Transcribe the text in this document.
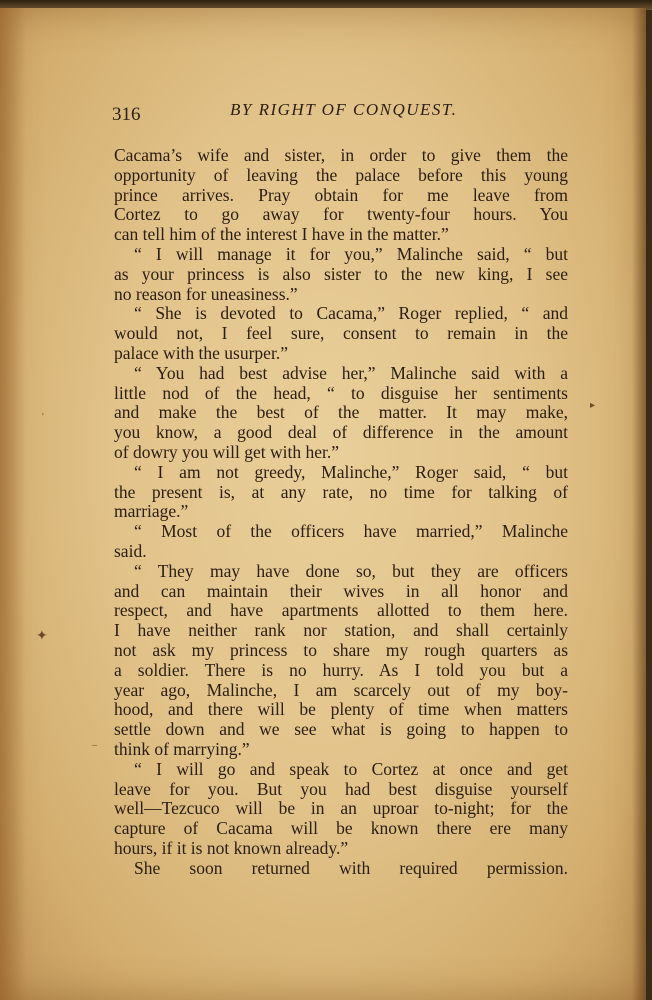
✦
'
–
▸
316	BY RIGHT OF CONQUEST.
Cacama’s wife and sister, in order to give them the
opportunity of leaving the palace before this young
prince arrives. Pray obtain for me leave from
Cortez to go away for twenty-four hours. You
can tell him of the interest I have in the matter.”
“ I will manage it for you,” Malinche said, “ but
as your princess is also sister to the new king, I see
no reason for uneasiness.”
“ She is devoted to Cacama,” Roger replied, “ and
would not, I feel sure, consent to remain in the
palace with the usurper.”
“ You had best advise her,” Malinche said with a
little nod of the head, “ to disguise her sentiments
and make the best of the matter. It may make,
you know, a good deal of difference in the amount
of dowry you will get with her.”
“ I am not greedy, Malinche,” Roger said, “ but
the present is, at any rate, no time for talking of
marriage.”
“ Most of the officers have married,” Malinche
said.
“ They may have done so, but they are officers
and can maintain their wives in all honor and
respect, and have apartments allotted to them here.
I have neither rank nor station, and shall certainly
not ask my princess to share my rough quarters as
a soldier. There is no hurry. As I told you but a
year ago, Malinche, I am scarcely out of my boy-
hood, and there will be plenty of time when matters
settle down and we see what is going to happen to
think of marrying.”
“ I will go and speak to Cortez at once and get
leave for you. But you had best disguise yourself
well—Tezcuco will be in an uproar to-night; for the
capture of Cacama will be known there ere many
hours, if it is not known already.”
She soon returned with required permission.
